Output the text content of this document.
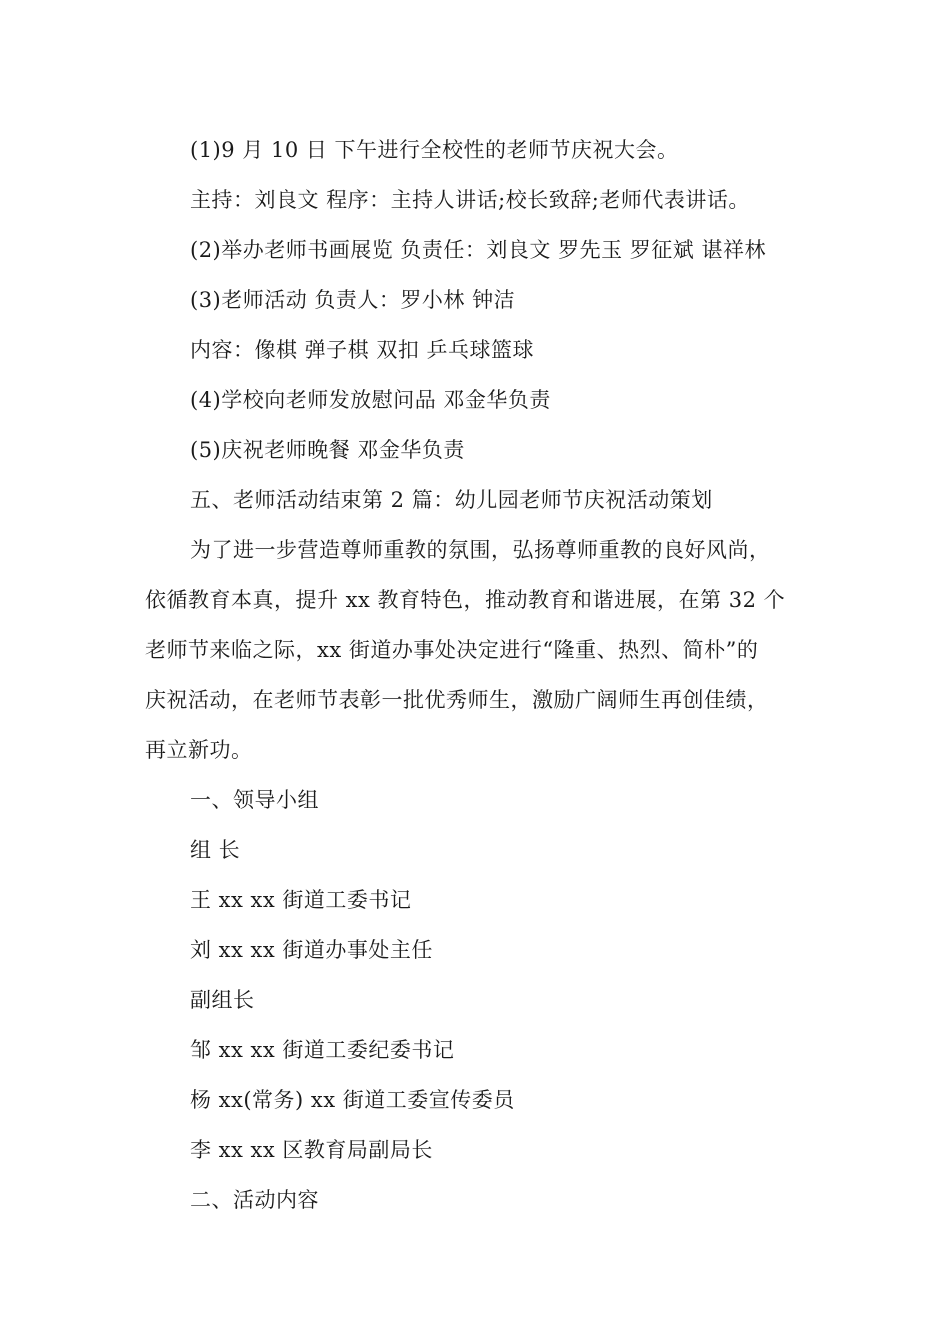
(1)9 月 10 日 下午进行全校性的老师节庆祝大会。
主持：刘良文 程序：主持人讲话;校长致辞;老师代表讲话。
(2)举办老师书画展览 负责任：刘良文 罗先玉 罗征斌 谌祥林
(3)老师活动 负责人：罗小林 钟洁
内容：像棋 弹子棋 双扣 乒乓球篮球
(4)学校向老师发放慰问品 邓金华负责
(5)庆祝老师晚餐 邓金华负责
五、老师活动结束第 2 篇：幼儿园老师节庆祝活动策划
为了进一步营造尊师重教的氛围，弘扬尊师重教的良好风尚，
依循教育本真，提升 xx 教育特色，推动教育和谐进展，在第 32 个
老师节来临之际，xx 街道办事处决定进行“隆重、热烈、简朴”的
庆祝活动，在老师节表彰一批优秀师生，激励广阔师生再创佳绩，
再立新功。
一、领导小组
组 长
王 xx xx 街道工委书记
刘 xx xx 街道办事处主任
副组长
邹 xx xx 街道工委纪委书记
杨 xx(常务) xx 街道工委宣传委员
李 xx xx 区教育局副局长
二、活动内容
